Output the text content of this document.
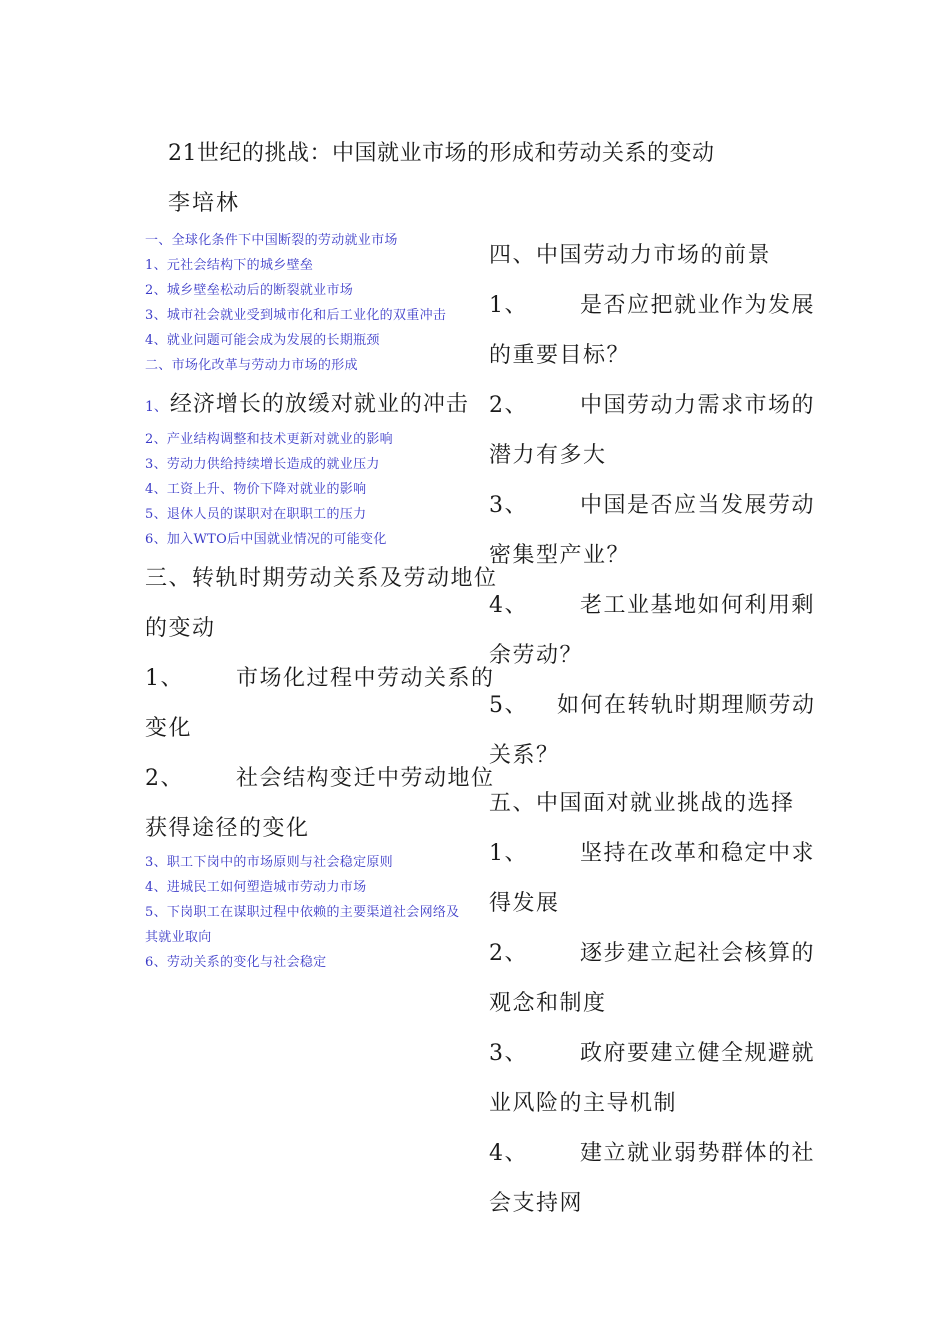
21世纪的挑战：中国就业市场的形成和劳动关系的变动
李培林
一、全球化条件下中国断裂的劳动就业市场
1、元社会结构下的城乡壁垒
2、城乡壁垒松动后的断裂就业市场
3、城市社会就业受到城市化和后工业化的双重冲击
4、就业问题可能会成为发展的长期瓶颈
二、市场化改革与劳动力市场的形成
1、经济增长的放缓对就业的冲击
2、产业结构调整和技术更新对就业的影响
3、劳动力供给持续增长造成的就业压力
4、工资上升、物价下降对就业的影响
5、退休人员的谋职对在职职工的压力
6、加入WTO后中国就业情况的可能变化
三、转轨时期劳动关系及劳动地位
的变动
1、 市场化过程中劳动关系的
变化
2、 社会结构变迁中劳动地位
获得途径的变化
3、职工下岗中的市场原则与社会稳定原则
4、进城民工如何塑造城市劳动力市场
5、下岗职工在谋职过程中依赖的主要渠道社会网络及
其就业取向
6、劳动关系的变化与社会稳定
四、中国劳动力市场的前景
1、 是否应把就业作为发展
的重要目标？
2、 中国劳动力需求市场的
潜力有多大
3、 中国是否应当发展劳动
密集型产业？
4、 老工业基地如何利用剩
余劳动？
5、 如何在转轨时期理顺劳动
关系？
五、中国面对就业挑战的选择
1、 坚持在改革和稳定中求
得发展
2、 逐步建立起社会核算的
观念和制度
3、 政府要建立健全规避就
业风险的主导机制
4、 建立就业弱势群体的社
会支持网
